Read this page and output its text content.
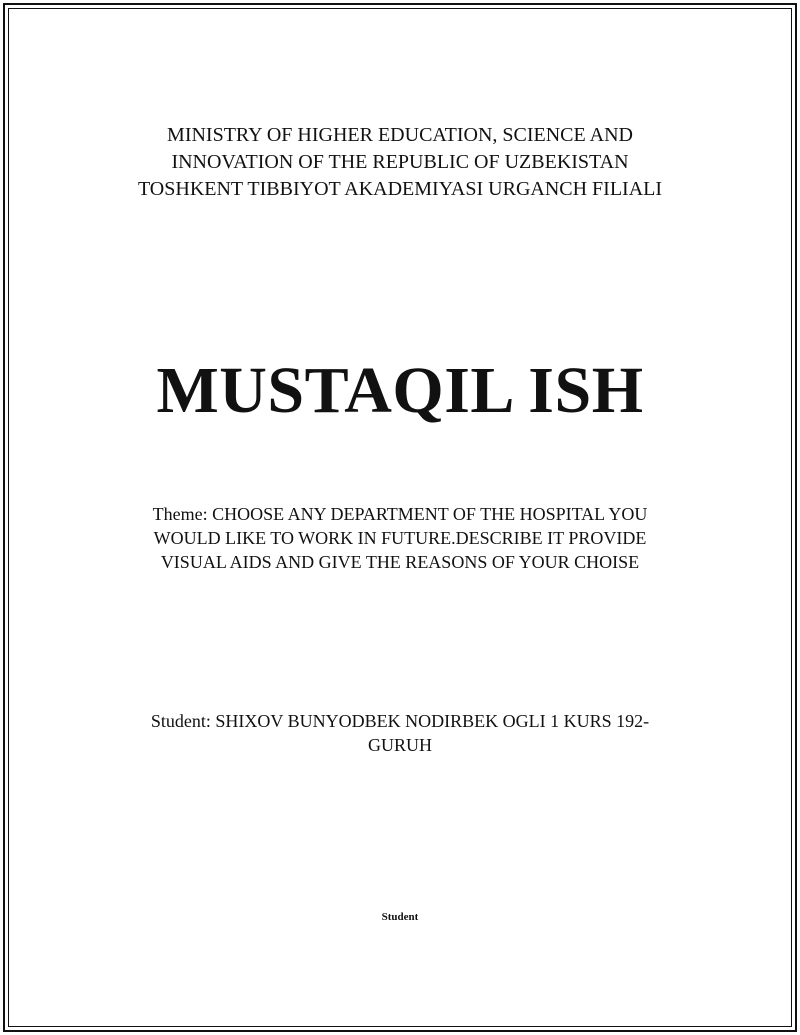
MINISTRY OF HIGHER EDUCATION, SCIENCE AND
INNOVATION OF THE REPUBLIC OF UZBEKISTAN
TOSHKENT TIBBIYOT AKADEMIYASI URGANCH FILIALI
MUSTAQIL ISH
Theme: CHOOSE ANY DEPARTMENT OF THE HOSPITAL YOU
WOULD LIKE TO WORK IN FUTURE.DESCRIBE IT PROVIDE
VISUAL AIDS AND GIVE THE REASONS OF YOUR CHOISE
Student: SHIXOV BUNYODBEK NODIRBEK OGLI 1 KURS 192-
GURUH
Student
